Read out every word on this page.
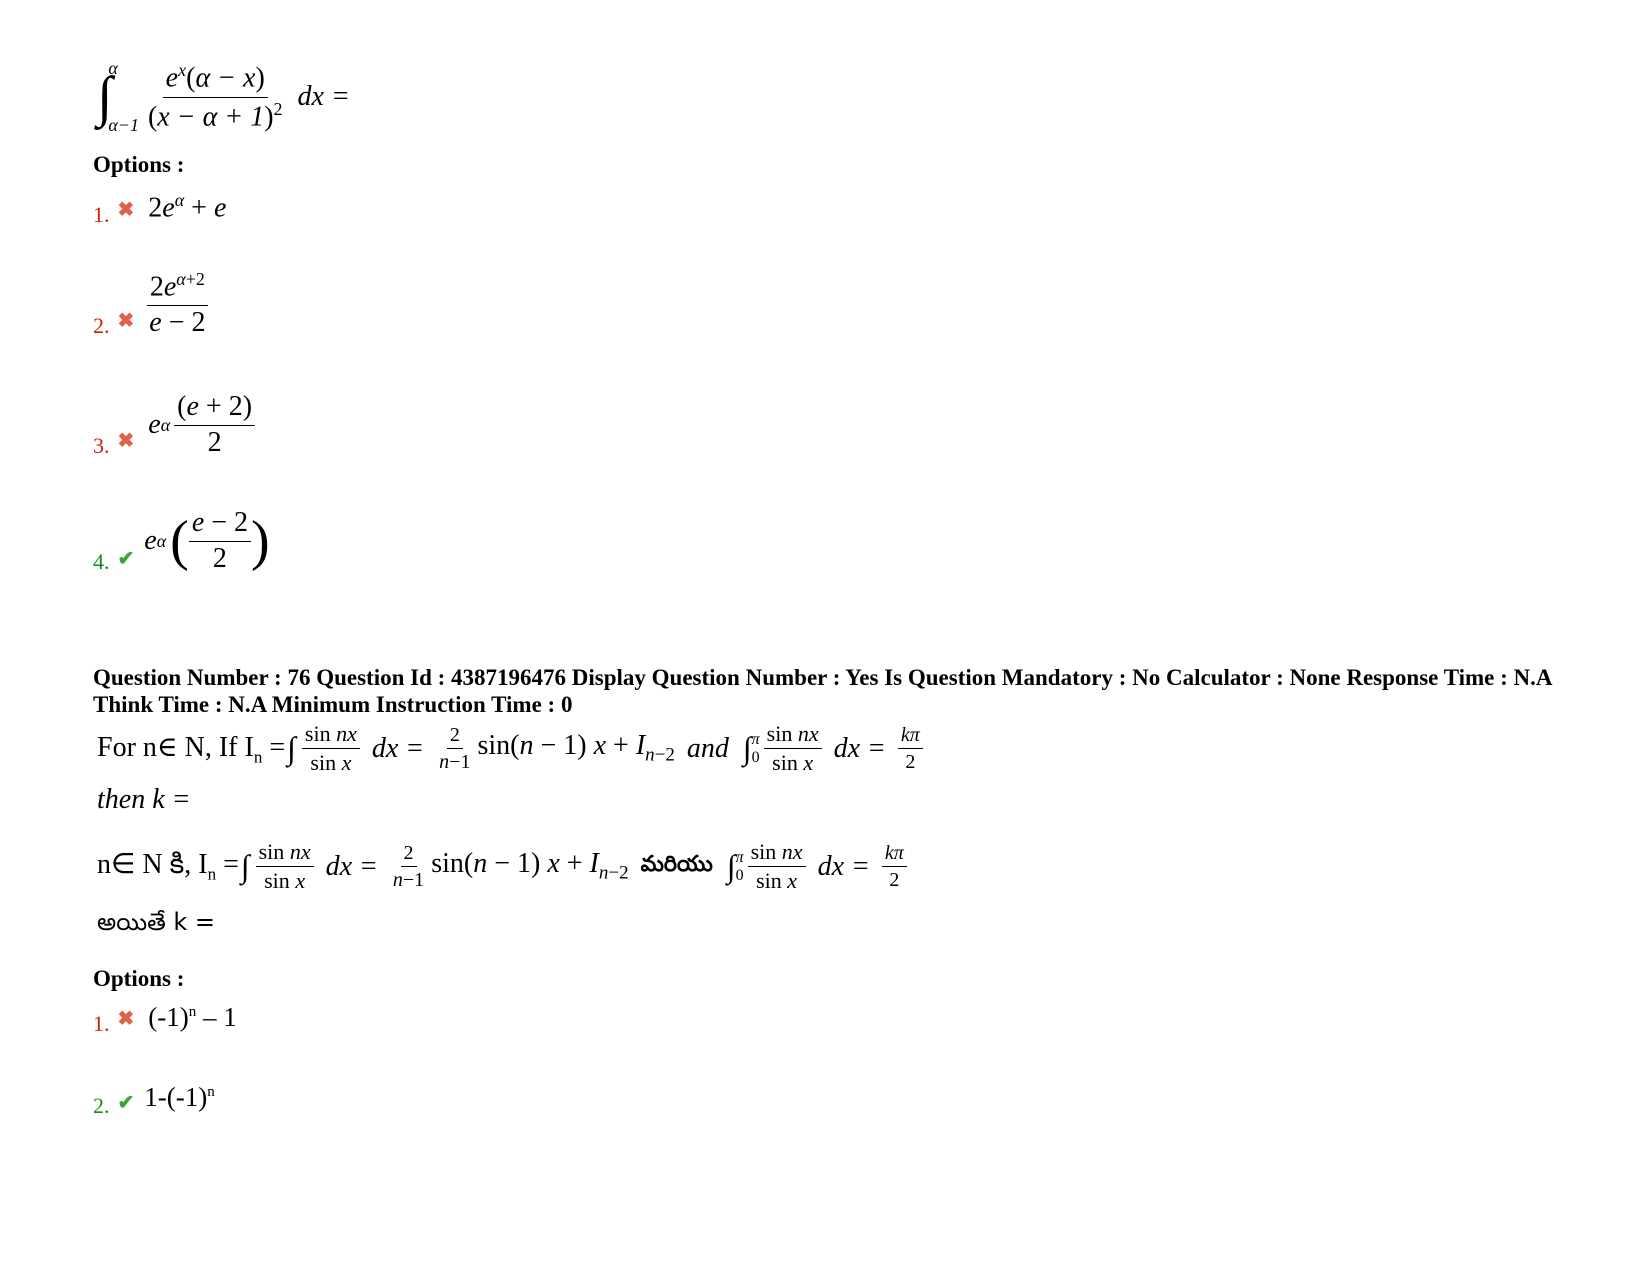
∫
α
$\alpha-1 \frac{e^x(\alpha - x)}{(x - \alpha + 1)^2}$ dx =
Options :
1. ✖ $2e^\alpha + e$
2. ✖ $\frac{2e^{\alpha+2}}{e - 2}$
3. ✖
e α $\frac{(e + 2)}{2}$
4. ✔
e α ( $\frac{e - 2}{2}$ )
Question Number : 76 Question Id : 4387196476 Display Question Number : Yes Is Question Mandatory : No Calculator : None Response Time : N.A Think Time : N.A Minimum Instruction Time : 0
For n∈ N, If $I_n$ = ∫ $\frac{\text{sin nx}}{\text{sin x}}$ dx = $\frac{2}{n-1} \sin(n - 1) x + I_{n-2}$ and ∫ π
$0 \frac{\text{sin nx}}{\text{sin x}}$ dx = $\frac{k\pi}{2}$
then k =
n∈ N కి, $I_n$ = ∫ $\frac{\text{sin nx}}{\text{sin x}}$ dx = $\frac{2}{n-1} \sin(n - 1) x + I_{n-2}$ మరియు ∫ π
$0 \frac{\text{sin nx}}{\text{sin x}}$ dx = $\frac{k\pi}{2}$
అయితే k =
Options :
1. ✖ $(-1)^n - 1$
2. ✔ $1-(-1)^n$
